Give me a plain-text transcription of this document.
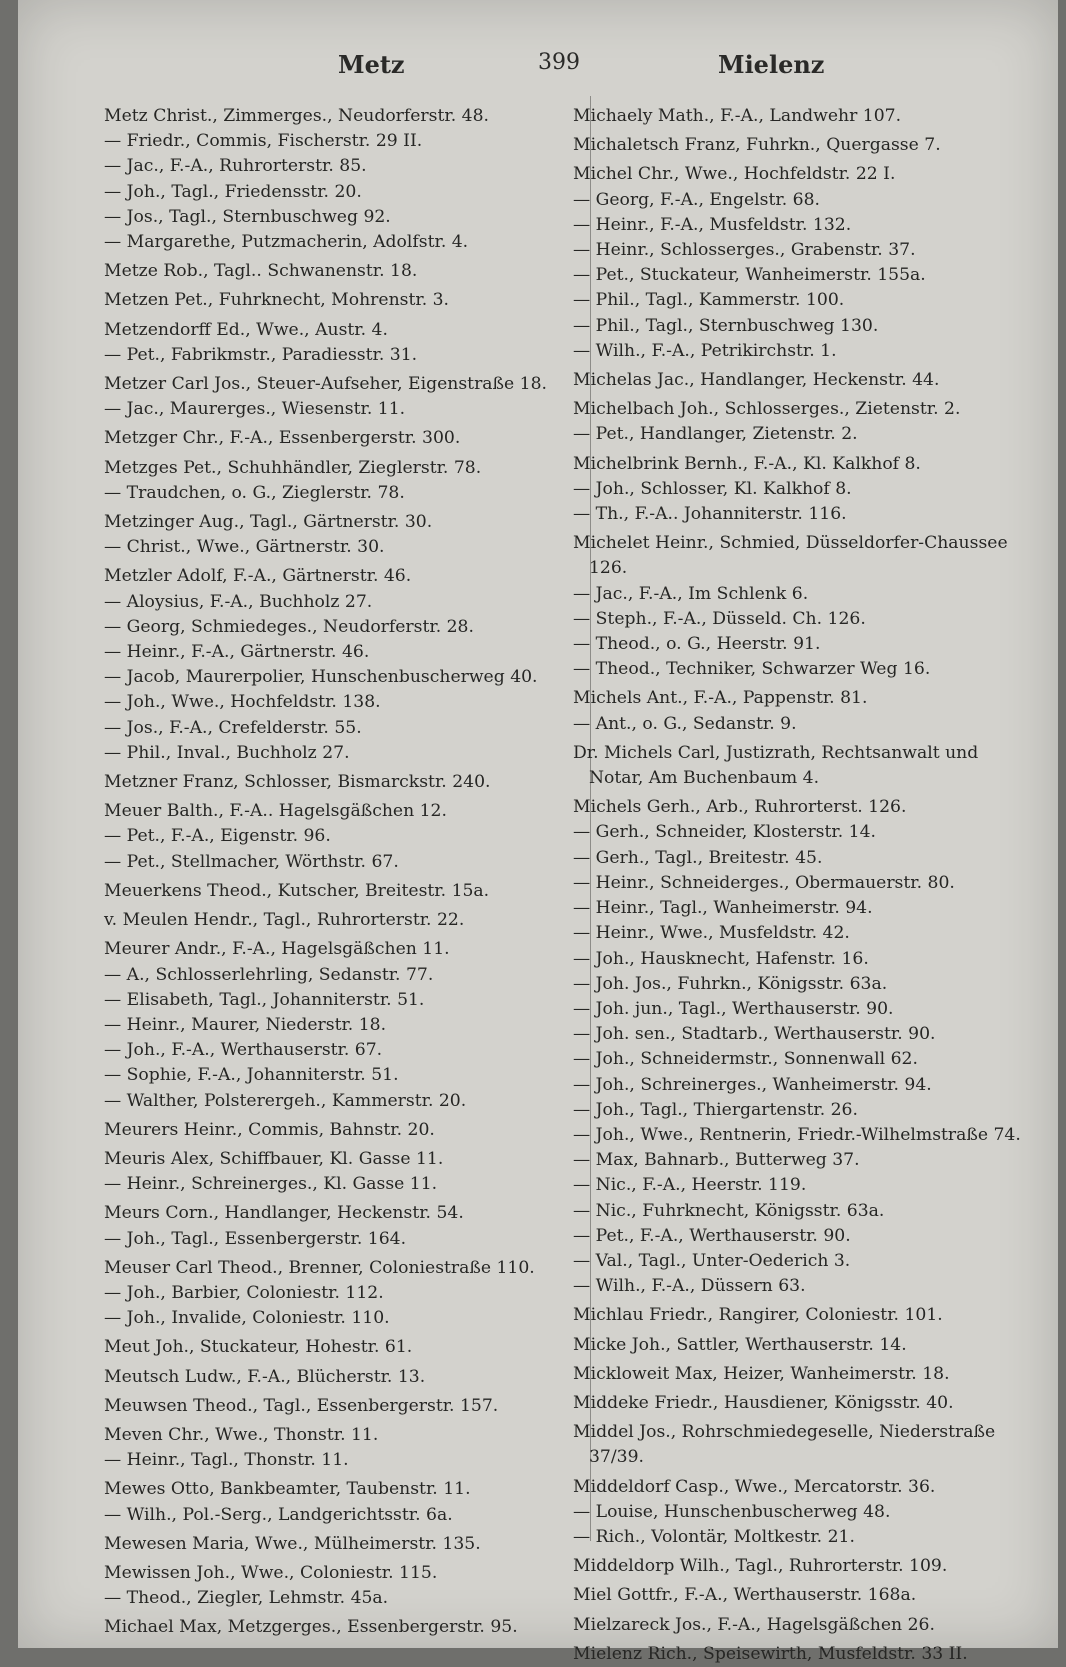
Metz	399	Mielenz
Metz Christ., Zimmerges., Neudorferstr. 48.
— Friedr., Commis, Fischerstr. 29 II.
— Jac., F.-A., Ruhrorterstr. 85.
— Joh., Tagl., Friedensstr. 20.
— Jos., Tagl., Sternbuschweg 92.
— Margarethe, Putzmacherin, Adolfstr. 4.
Metze Rob., Tagl.. Schwanenstr. 18.
Metzen Pet., Fuhrknecht, Mohrenstr. 3.
Metzendorff Ed., Wwe., Austr. 4.
— Pet., Fabrikmstr., Paradiesstr. 31.
Metzer Carl Jos., Steuer-Aufseher, Eigenstraße 18.
— Jac., Maurerges., Wiesenstr. 11.
Metzger Chr., F.-A., Essenbergerstr. 300.
Metzges Pet., Schuhhändler, Zieglerstr. 78.
— Traudchen, o. G., Zieglerstr. 78.
Metzinger Aug., Tagl., Gärtnerstr. 30.
— Christ., Wwe., Gärtnerstr. 30.
Metzler Adolf, F.-A., Gärtnerstr. 46.
— Aloysius, F.-A., Buchholz 27.
— Georg, Schmiedeges., Neudorferstr. 28.
— Heinr., F.-A., Gärtnerstr. 46.
— Jacob, Maurerpolier, Hunschenbuscherweg 40.
— Joh., Wwe., Hochfeldstr. 138.
— Jos., F.-A., Crefelderstr. 55.
— Phil., Inval., Buchholz 27.
Metzner Franz, Schlosser, Bismarckstr. 240.
Meuer Balth., F.-A.. Hagelsgäßchen 12.
— Pet., F.-A., Eigenstr. 96.
— Pet., Stellmacher, Wörthstr. 67.
Meuerkens Theod., Kutscher, Breitestr. 15a.
v. Meulen Hendr., Tagl., Ruhrorterstr. 22.
Meurer Andr., F.-A., Hagelsgäßchen 11.
— A., Schlosserlehrling, Sedanstr. 77.
— Elisabeth, Tagl., Johanniterstr. 51.
— Heinr., Maurer, Niederstr. 18.
— Joh., F.-A., Werthauserstr. 67.
— Sophie, F.-A., Johanniterstr. 51.
— Walther, Polsterergeh., Kammerstr. 20.
Meurers Heinr., Commis, Bahnstr. 20.
Meuris Alex, Schiffbauer, Kl. Gasse 11.
— Heinr., Schreinerges., Kl. Gasse 11.
Meurs Corn., Handlanger, Heckenstr. 54.
— Joh., Tagl., Essenbergerstr. 164.
Meuser Carl Theod., Brenner, Coloniestraße 110.
— Joh., Barbier, Coloniestr. 112.
— Joh., Invalide, Coloniestr. 110.
Meut Joh., Stuckateur, Hohestr. 61.
Meutsch Ludw., F.-A., Blücherstr. 13.
Meuwsen Theod., Tagl., Essenbergerstr. 157.
Meven Chr., Wwe., Thonstr. 11.
— Heinr., Tagl., Thonstr. 11.
Mewes Otto, Bankbeamter, Taubenstr. 11.
— Wilh., Pol.-Serg., Landgerichtsstr. 6a.
Mewesen Maria, Wwe., Mülheimerstr. 135.
Mewissen Joh., Wwe., Coloniestr. 115.
— Theod., Ziegler, Lehmstr. 45a.
Michael Max, Metzgerges., Essenbergerstr. 95.
Michaely Math., F.-A., Landwehr 107.
Michaletsch Franz, Fuhrkn., Quergasse 7.
Michel Chr., Wwe., Hochfeldstr. 22 I.
— Georg, F.-A., Engelstr. 68.
— Heinr., F.-A., Musfeldstr. 132.
— Heinr., Schlosserges., Grabenstr. 37.
— Pet., Stuckateur, Wanheimerstr. 155a.
— Phil., Tagl., Kammerstr. 100.
— Phil., Tagl., Sternbuschweg 130.
— Wilh., F.-A., Petrikirchstr. 1.
Michelas Jac., Handlanger, Heckenstr. 44.
Michelbach Joh., Schlosserges., Zietenstr. 2.
— Pet., Handlanger, Zietenstr. 2.
Michelbrink Bernh., F.-A., Kl. Kalkhof 8.
— Joh., Schlosser, Kl. Kalkhof 8.
— Th., F.-A.. Johanniterstr. 116.
Michelet Heinr., Schmied, Düsseldorfer-Chaussee 126.
— Jac., F.-A., Im Schlenk 6.
— Steph., F.-A., Düsseld. Ch. 126.
— Theod., o. G., Heerstr. 91.
— Theod., Techniker, Schwarzer Weg 16.
Michels Ant., F.-A., Pappenstr. 81.
— Ant., o. G., Sedanstr. 9.
Dr. Michels Carl, Justizrath, Rechtsanwalt und Notar, Am Buchenbaum 4.
Michels Gerh., Arb., Ruhrorterst. 126.
— Gerh., Schneider, Klosterstr. 14.
— Gerh., Tagl., Breitestr. 45.
— Heinr., Schneiderges., Obermauerstr. 80.
— Heinr., Tagl., Wanheimerstr. 94.
— Heinr., Wwe., Musfeldstr. 42.
— Joh., Hausknecht, Hafenstr. 16.
— Joh. Jos., Fuhrkn., Königsstr. 63a.
— Joh. jun., Tagl., Werthauserstr. 90.
— Joh. sen., Stadtarb., Werthauserstr. 90.
— Joh., Schneidermstr., Sonnenwall 62.
— Joh., Schreinerges., Wanheimerstr. 94.
— Joh., Tagl., Thiergartenstr. 26.
— Joh., Wwe., Rentnerin, Friedr.-Wilhelmstraße 74.
— Max, Bahnarb., Butterweg 37.
— Nic., F.-A., Heerstr. 119.
— Nic., Fuhrknecht, Königsstr. 63a.
— Pet., F.-A., Werthauserstr. 90.
— Val., Tagl., Unter-Oederich 3.
— Wilh., F.-A., Düssern 63.
Michlau Friedr., Rangirer, Coloniestr. 101.
Micke Joh., Sattler, Werthauserstr. 14.
Mickloweit Max, Heizer, Wanheimerstr. 18.
Middeke Friedr., Hausdiener, Königsstr. 40.
Middel Jos., Rohrschmiedegeselle, Niederstraße 37/39.
Middeldorf Casp., Wwe., Mercatorstr. 36.
— Louise, Hunschenbuscherweg 48.
— Rich., Volontär, Moltkestr. 21.
Middeldorp Wilh., Tagl., Ruhrorterstr. 109.
Miel Gottfr., F.-A., Werthauserstr. 168a.
Mielzareck Jos., F.-A., Hagelsgäßchen 26.
Mielenz Rich., Speisewirth, Musfeldstr. 33 II.
